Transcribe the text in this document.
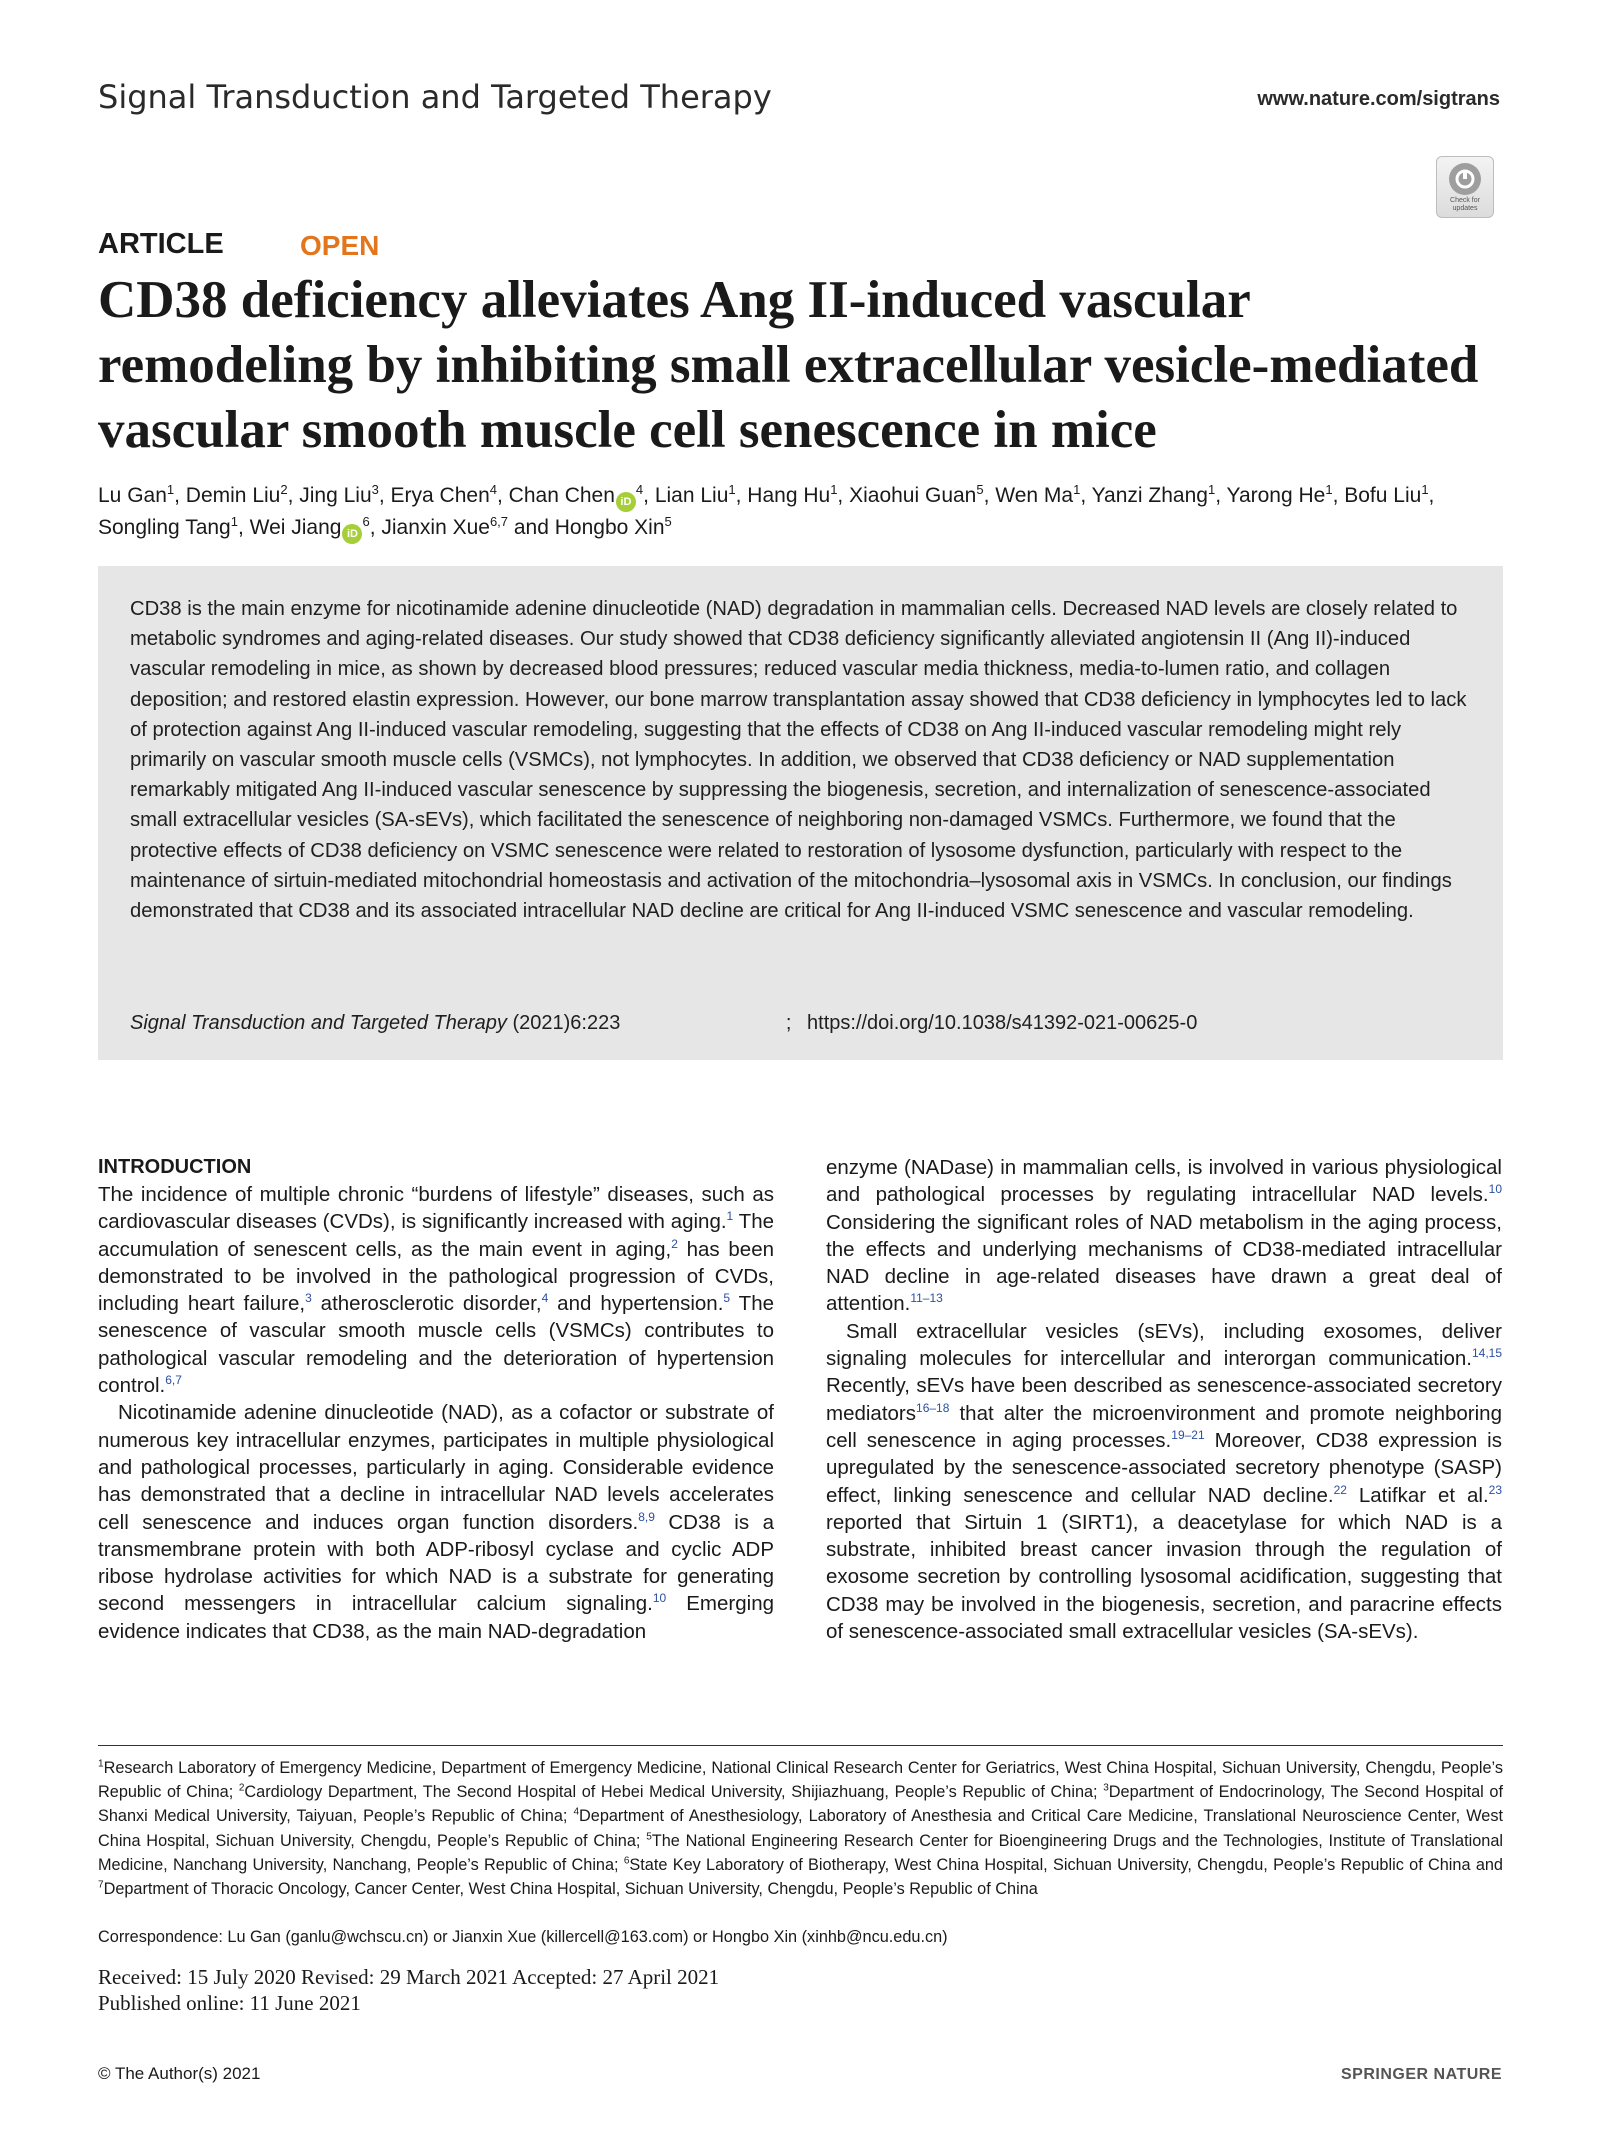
Signal Transduction and Targeted Therapy	www.nature.com/sigtrans
Check for
updates
ARTICLE	OPEN
CD38 deficiency alleviates Ang II-induced vascular remodeling by inhibiting small extracellular vesicle-mediated vascular smooth muscle cell senescence in mice
Lu Gan$^1$, Demin Liu$^2$, Jing Liu$^3$, Erya Chen$^4$, Chan Chen $iD^4$, Lian Liu$^1$, Hang Hu$^1$, Xiaohui Guan$^5$, Wen Ma$^1$, Yanzi Zhang$^1$, Yarong He$^1$, Bofu Liu$^1$, Songling Tang$^1$, Wei Jiang $iD^6$, Jianxin Xue$^{6,7}$ and Hongbo Xin$^5$

CD38 is the main enzyme for nicotinamide adenine dinucleotide (NAD) degradation in mammalian cells. Decreased NAD levels are closely related to metabolic syndromes and aging-related diseases. Our study showed that CD38 deficiency significantly alleviated angiotensin II (Ang II)-induced vascular remodeling in mice, as shown by decreased blood pressures; reduced vascular media thickness, media-to-lumen ratio, and collagen deposition; and restored elastin expression. However, our bone marrow transplantation assay showed that CD38 deficiency in lymphocytes led to lack of protection against Ang II-induced vascular remodeling, suggesting that the effects of CD38 on Ang II-induced vascular remodeling might rely primarily on vascular smooth muscle cells (VSMCs), not lymphocytes. In addition, we observed that CD38 deficiency or NAD supplementation remarkably mitigated Ang II-induced vascular senescence by suppressing the biogenesis, secretion, and internalization of senescence-associated small extracellular vesicles (SA-sEVs), which facilitated the senescence of neighboring non-damaged VSMCs. Furthermore, we found that the protective effects of CD38 deficiency on VSMC senescence were related to restoration of lysosome dysfunction, particularly with respect to the maintenance of sirtuin-mediated mitochondrial homeostasis and activation of the mitochondria–lysosomal axis in VSMCs. In conclusion, our findings demonstrated that CD38 and its associated intracellular NAD decline are critical for Ang II-induced VSMC senescence and vascular remodeling.

Signal Transduction and Targeted Therapy (2021)6:223	; https://doi.org/10.1038/s41392-021-00625-0
INTRODUCTION

The incidence of multiple chronic “burdens of lifestyle” diseases, such as cardiovascular diseases (CVDs), is significantly increased with aging.$^1$ The accumulation of senescent cells, as the main event in aging,$^2$ has been demonstrated to be involved in the pathological progression of CVDs, including heart failure,$^3$ atherosclerotic disorder,$^4$ and hypertension.$^5$ The senescence of vascular smooth muscle cells (VSMCs) contributes to pathological vascular remodeling and the deterioration of hypertension control.$^{6,7}$

Nicotinamide adenine dinucleotide (NAD), as a cofactor or substrate of numerous key intracellular enzymes, participates in multiple physiological and pathological processes, particularly in aging. Considerable evidence has demonstrated that a decline in intracellular NAD levels accelerates cell senescence and induces organ function disorders.$^{8,9}$ CD38 is a transmembrane protein with both ADP-ribosyl cyclase and cyclic ADP ribose hydrolase activities for which NAD is a substrate for generating second messengers in intracellular calcium signaling.$^{10}$ Emerging evidence indicates that CD38, as the main NAD-degradation

enzyme (NADase) in mammalian cells, is involved in various physiological and pathological processes by regulating intracellular NAD levels.$^{10}$ Considering the significant roles of NAD metabolism in the aging process, the effects and underlying mechanisms of CD38-mediated intracellular NAD decline in age-related diseases have drawn a great deal of attention.$^{11-13}$

Small extracellular vesicles (sEVs), including exosomes, deliver signaling molecules for intercellular and interorgan communication.$^{14,15}$ Recently, sEVs have been described as senescence-associated secretory mediators$^{16-18}$ that alter the microenvironment and promote neighboring cell senescence in aging processes.$^{19-21}$ Moreover, CD38 expression is upregulated by the senescence-associated secretory phenotype (SASP) effect, linking senescence and cellular NAD decline.$^{22}$ Latifkar et al.$^{23}$ reported that Sirtuin 1 (SIRT1), a deacetylase for which NAD is a substrate, inhibited breast cancer invasion through the regulation of exosome secretion by controlling lysosomal acidification, suggesting that CD38 may be involved in the biogenesis, secretion, and paracrine effects of senescence-associated small extracellular vesicles (SA-sEVs).

$^1$Research Laboratory of Emergency Medicine, Department of Emergency Medicine, National Clinical Research Center for Geriatrics, West China Hospital, Sichuan University, Chengdu, People’s Republic of China; $^2$Cardiology Department, The Second Hospital of Hebei Medical University, Shijiazhuang, People’s Republic of China; $^3$Department of Endocrinology, The Second Hospital of Shanxi Medical University, Taiyuan, People’s Republic of China; $^4$Department of Anesthesiology, Laboratory of Anesthesia and Critical Care Medicine, Translational Neuroscience Center, West China Hospital, Sichuan University, Chengdu, People’s Republic of China; $^5$The National Engineering Research Center for Bioengineering Drugs and the Technologies, Institute of Translational Medicine, Nanchang University, Nanchang, People’s Republic of China; $^6$State Key Laboratory of Biotherapy, West China Hospital, Sichuan University, Chengdu, People’s Republic of China and $^7$Department of Thoracic Oncology, Cancer Center, West China Hospital, Sichuan University, Chengdu, People’s Republic of China
Correspondence: Lu Gan (ganlu@wchscu.cn) or Jianxin Xue (killercell@163.com) or Hongbo Xin (xinhb@ncu.edu.cn)
Received: 15 July 2020 Revised: 29 March 2021 Accepted: 27 April 2021
Published online: 11 June 2021
© The Author(s) 2021	SPRINGER NATURE
